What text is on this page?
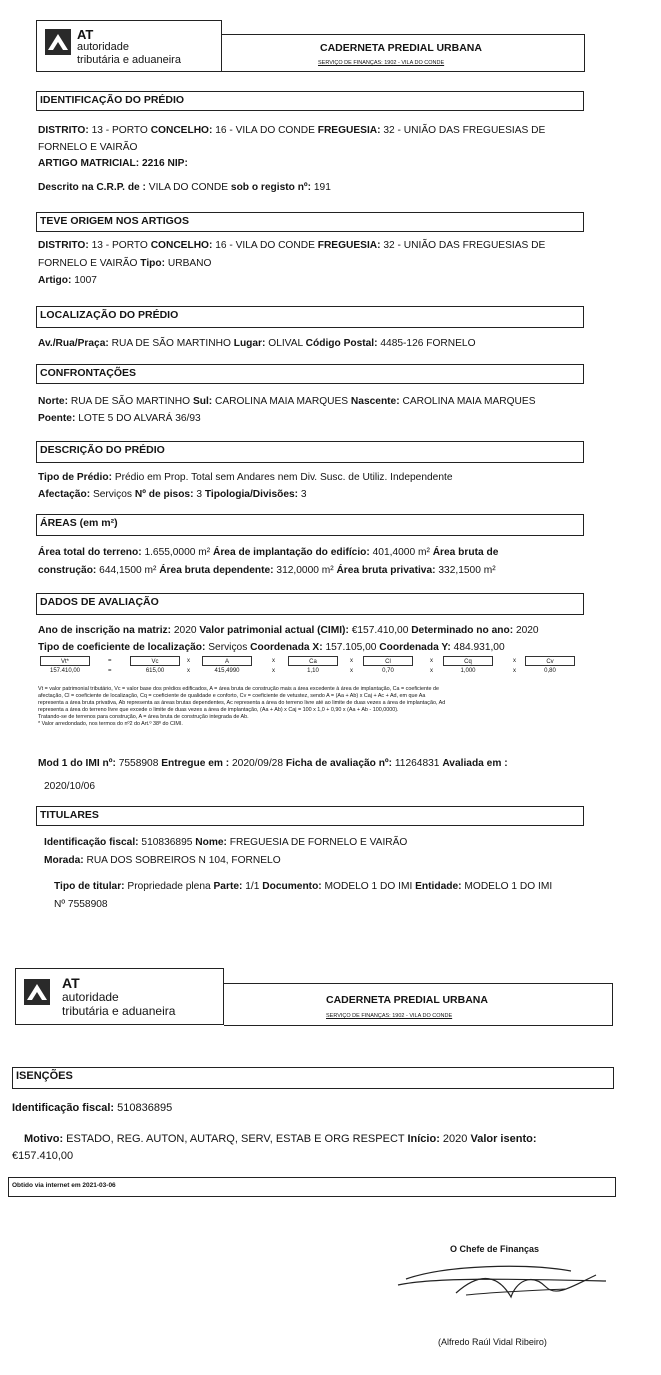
AT
autoridade
tributária e aduaneira
CADERNETA PREDIAL URBANA
SERVIÇO DE FINANÇAS: 1902 - VILA DO CONDE
IDENTIFICAÇÃO DO PRÉDIO
DISTRITO: 13 - PORTO CONCELHO: 16 - VILA DO CONDE FREGUESIA: 32 - UNIÃO DAS FREGUESIAS DE
FORNELO E VAIRÃO
ARTIGO MATRICIAL: 2216 NIP:
Descrito na C.R.P. de : VILA DO CONDE sob o registo nº: 191
TEVE ORIGEM NOS ARTIGOS
DISTRITO: 13 - PORTO CONCELHO: 16 - VILA DO CONDE FREGUESIA: 32 - UNIÃO DAS FREGUESIAS DE
FORNELO E VAIRÃO Tipo: URBANO
Artigo: 1007
LOCALIZAÇÃO DO PRÉDIO
Av./Rua/Praça: RUA DE SÃO MARTINHO Lugar: OLIVAL Código Postal: 4485-126 FORNELO
CONFRONTAÇÕES
Norte: RUA DE SÃO MARTINHO Sul: CAROLINA MAIA MARQUES Nascente: CAROLINA MAIA MARQUES
Poente: LOTE 5 DO ALVARÁ 36/93
DESCRIÇÃO DO PRÉDIO
Tipo de Prédio: Prédio em Prop. Total sem Andares nem Div. Susc. de Utiliz. Independente
Afectação: Serviços Nº de pisos: 3 Tipologia/Divisões: 3
ÁREAS (em m²)
Área total do terreno: 1.655,0000 m² Área de implantação do edifício: 401,4000 m² Área bruta de
construção: 644,1500 m² Área bruta dependente: 312,0000 m² Área bruta privativa: 332,1500 m²
DADOS DE AVALIAÇÃO
Ano de inscrição na matriz: 2020 Valor patrimonial actual (CIMI): €157.410,00 Determinado no ano: 2020
Tipo de coeficiente de localização: Serviços Coordenada X: 157.105,00 Coordenada Y: 484.931,00
Vt*	=	Vc	x	A	x	Ca	x	Cl	x	Cq	x	Cv
157.410,00	=	615,00	x	415,4990	x	1,10	x	0,70	x	1,000	x	0,80
Vt = valor patrimonial tributário, Vc = valor base dos prédios edificados, A = área bruta de construção mais a área excedente à área de implantação, Ca = coeficiente de
afectação, Cl = coeficiente de localização, Cq = coeficiente de qualidade e conforto, Cv = coeficiente de vetustez, sendo A = (Aa + Ab) x Caj + Ac + Ad, em que Aa
representa a área bruta privativa, Ab representa as áreas brutas dependentes, Ac representa a área do terreno livre até ao limite de duas vezes a área de implantação, Ad
representa a área do terreno livre que excede o limite de duas vezes a área de implantação, (Aa + Ab) x Caj = 100 x 1,0 + 0,90 x (Aa + Ab - 100,0000).
Tratando-se de terrenos para construção, A = área bruta de construção integrada de Ab.
* Valor arredondado, nos termos do nº2 do Art.º 38º do CIMI.
Mod 1 do IMI nº: 7558908 Entregue em : 2020/09/28 Ficha de avaliação nº: 11264831 Avaliada em :
2020/10/06
TITULARES
Identificação fiscal: 510836895 Nome: FREGUESIA DE FORNELO E VAIRÃO
Morada: RUA DOS SOBREIROS N 104, FORNELO
Tipo de titular: Propriedade plena Parte: 1/1 Documento: MODELO 1 DO IMI Entidade: MODELO 1 DO IMI
Nº 7558908
AT
autoridade
tributária e aduaneira
CADERNETA PREDIAL URBANA
SERVIÇO DE FINANÇAS: 1902 - VILA DO CONDE
ISENÇÕES
Identificação fiscal: 510836895
Motivo: ESTADO, REG. AUTON, AUTARQ, SERV, ESTAB E ORG RESPECT Início: 2020 Valor isento:
€157.410,00
Obtido via internet em 2021-03-06
O Chefe de Finanças
(Alfredo Raúl Vidal Ribeiro)
